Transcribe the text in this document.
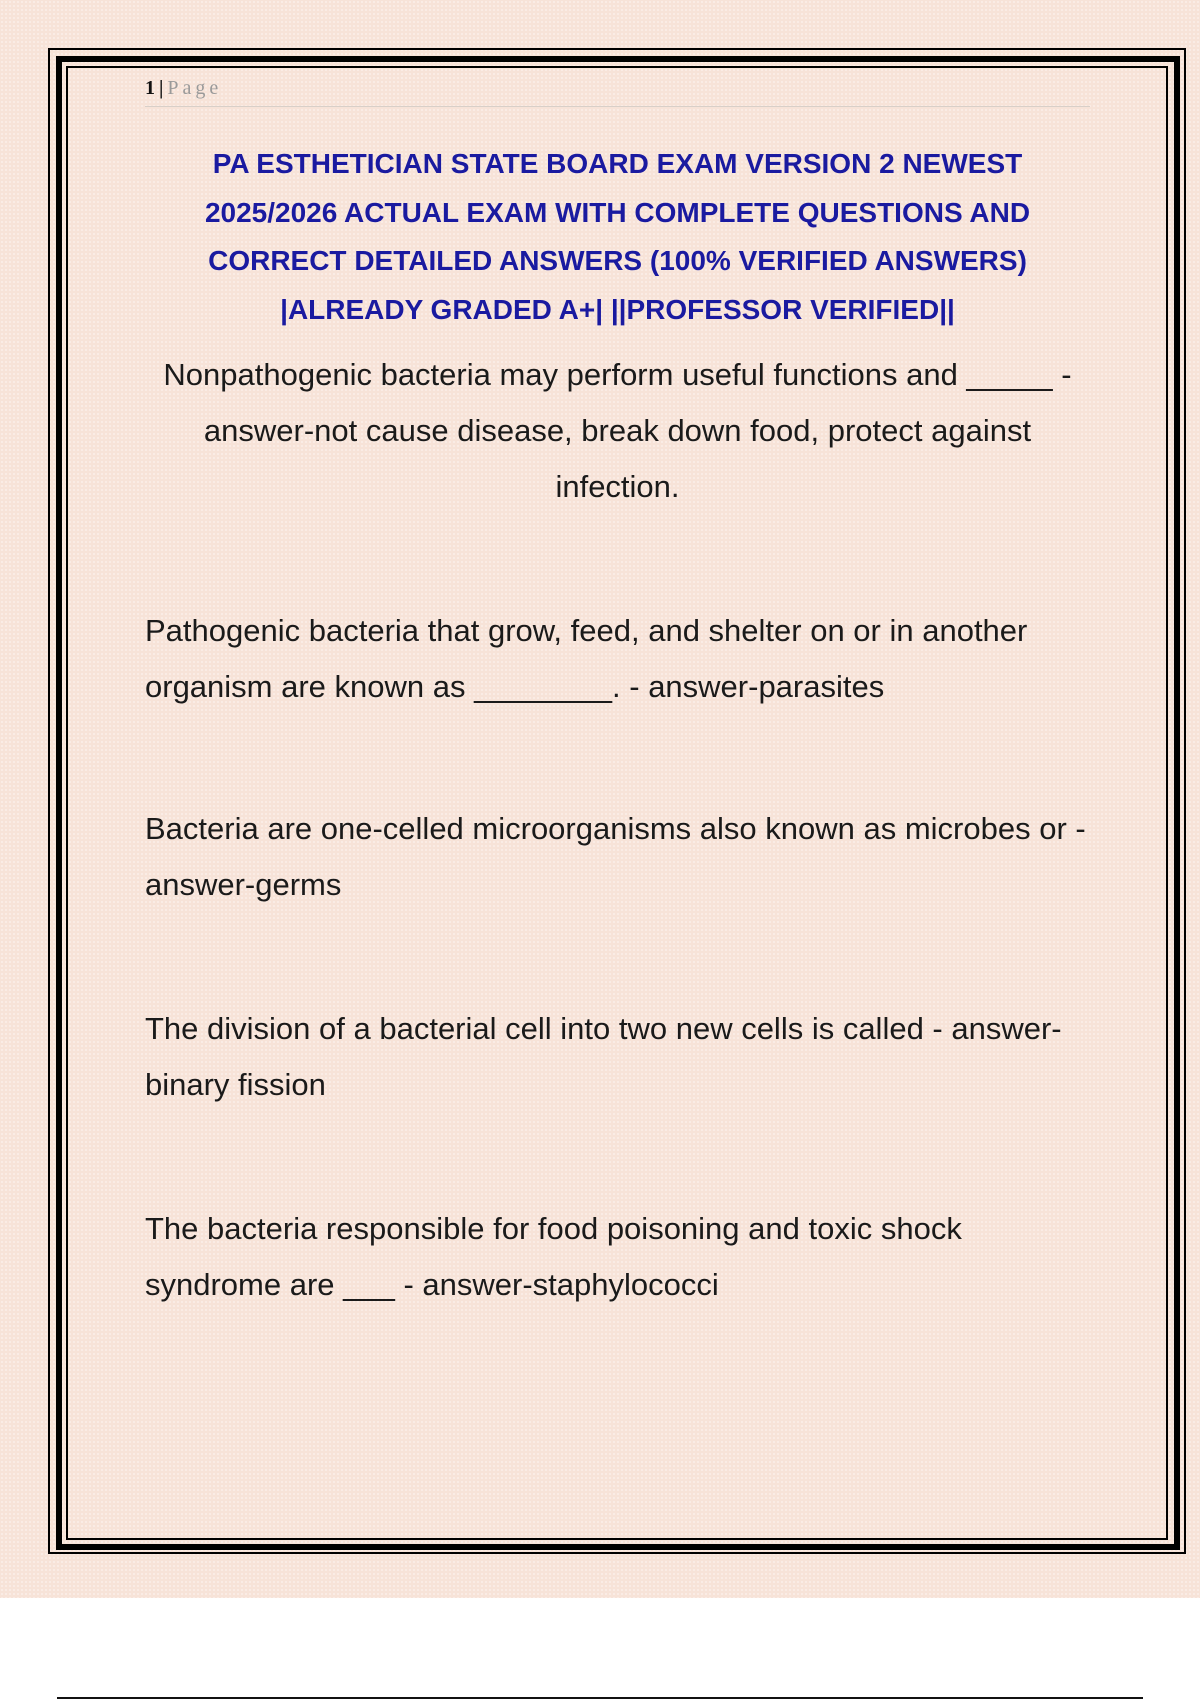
1 | Page

PA ESTHETICIAN STATE BOARD EXAM VERSION 2 NEWEST 2025/2026 ACTUAL EXAM WITH COMPLETE QUESTIONS AND CORRECT DETAILED ANSWERS (100% VERIFIED ANSWERS) |ALREADY GRADED A+| ||PROFESSOR VERIFIED||

Nonpathogenic bacteria may perform useful functions and _____ - answer-not cause disease, break down food, protect against infection.

Pathogenic bacteria that grow, feed, and shelter on or in another organism are known as ________. - answer-parasites

Bacteria are one-celled microorganisms also known as microbes or - answer-germs

The division of a bacterial cell into two new cells is called - answer-binary fission

The bacteria responsible for food poisoning and toxic shock syndrome are ___ - answer-staphylococci
